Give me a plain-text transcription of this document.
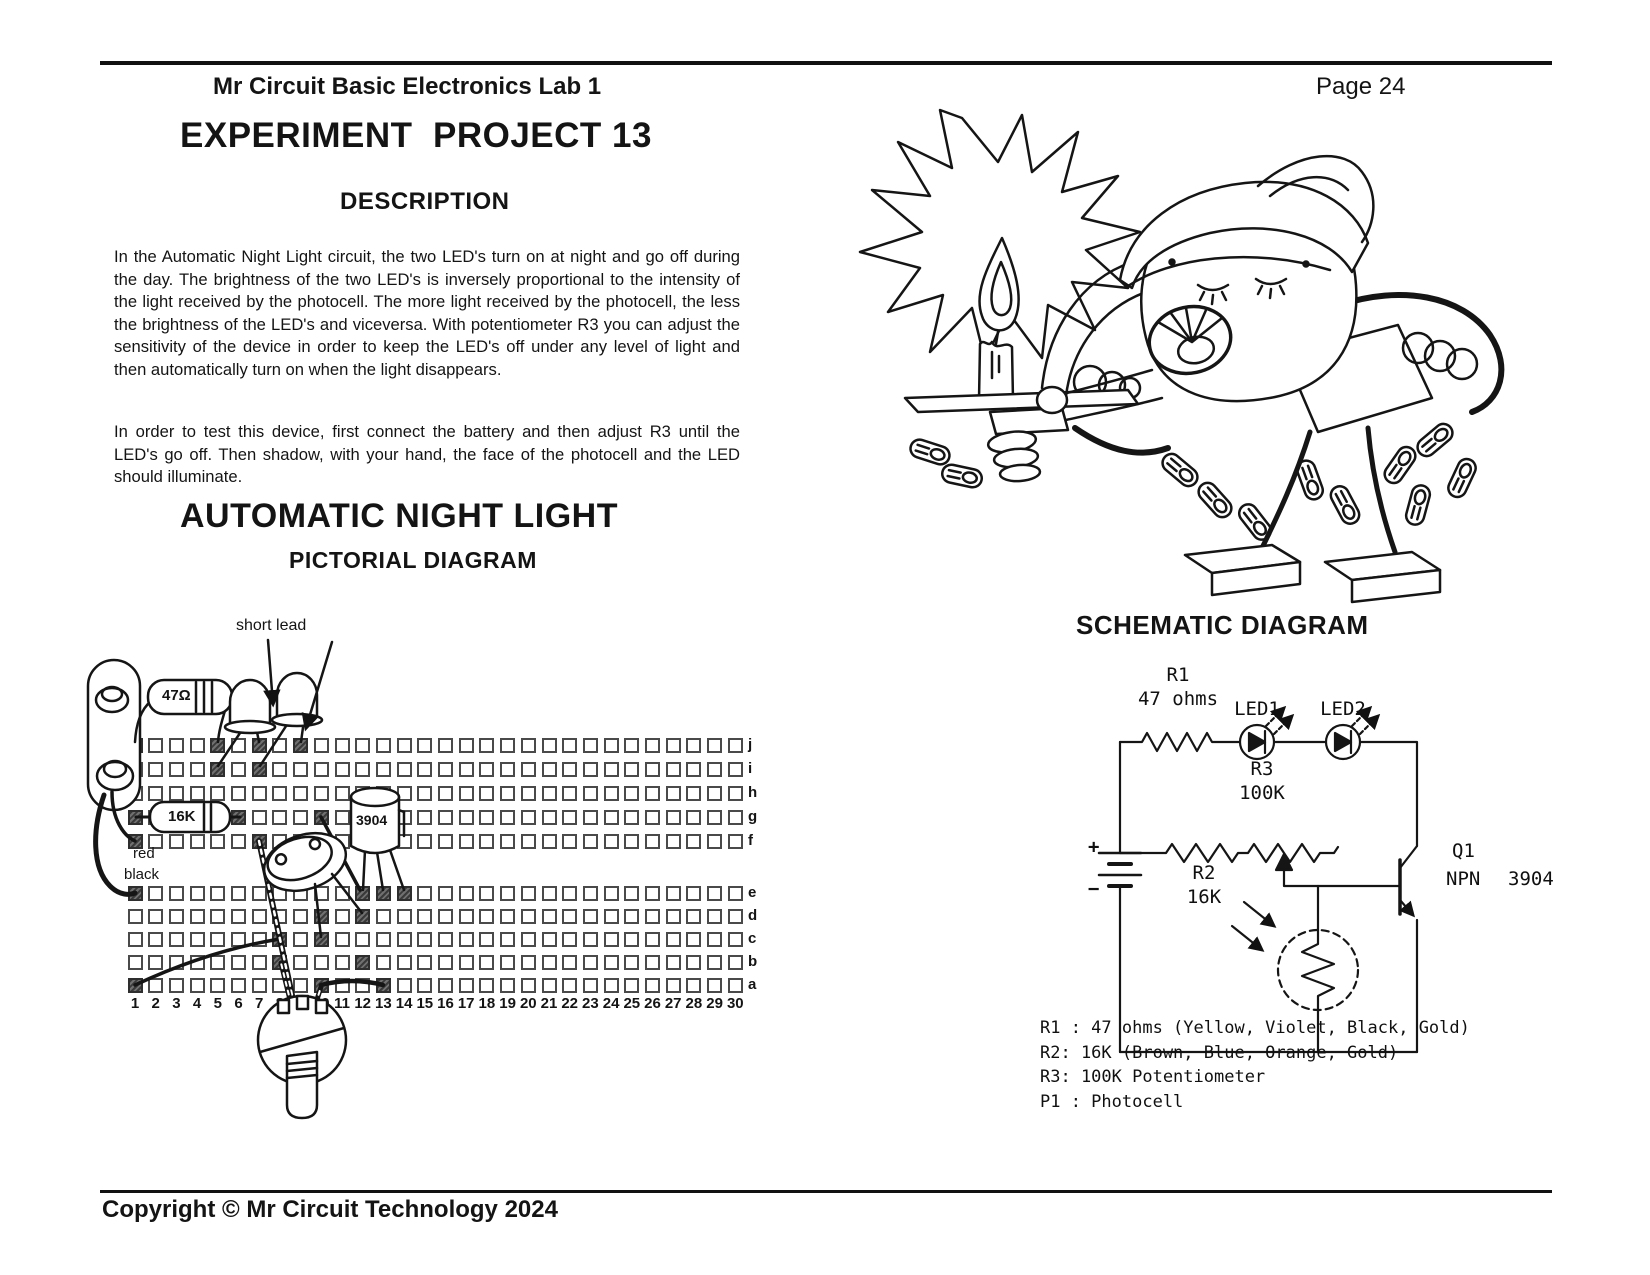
Mr Circuit Basic Electronics Lab 1	Page 24
EXPERIMENT  PROJECT 13
DESCRIPTION
In the Automatic Night Light circuit, the two LED's turn on at night and go off during the day. The brightness of the two LED's is inversely proportional to the intensity of the light received by the photocell. The more light received by the photocell, the less the brightness of the LED's and viceversa. With potentiometer R3 you can adjust the sensitivity of the device in order to keep the LED's off under any level of light and then automatically turn on when the light disappears.
In order to test this device, first connect the battery and then adjust R3 until the LED's go off. Then shadow, with your hand, the face of the photocell and the LED should illuminate.
AUTOMATIC NIGHT LIGHT
PICTORIAL DIAGRAM
SCHEMATIC DIAGRAM
Copyright © Mr Circuit Technology 2024
j
i
h
g
f
e
d
c
b
a
1 2 3 4 5 6 7	11 12 13 14 15 16 17 18 19 20 21 22 23 24 25 26 27 28 29 30
short lead
47Ω
16K	3904
red
black
R1
47 ohms LED1 LED2
R3
100K
R2
16K
Q1
NPN 3904
+
−
R1 : 47 ohms (Yellow, Violet, Black, Gold)
R2: 16K (Brown, Blue, Orange, Gold)
R3: 100K Potentiometer
P1 : Photocell
